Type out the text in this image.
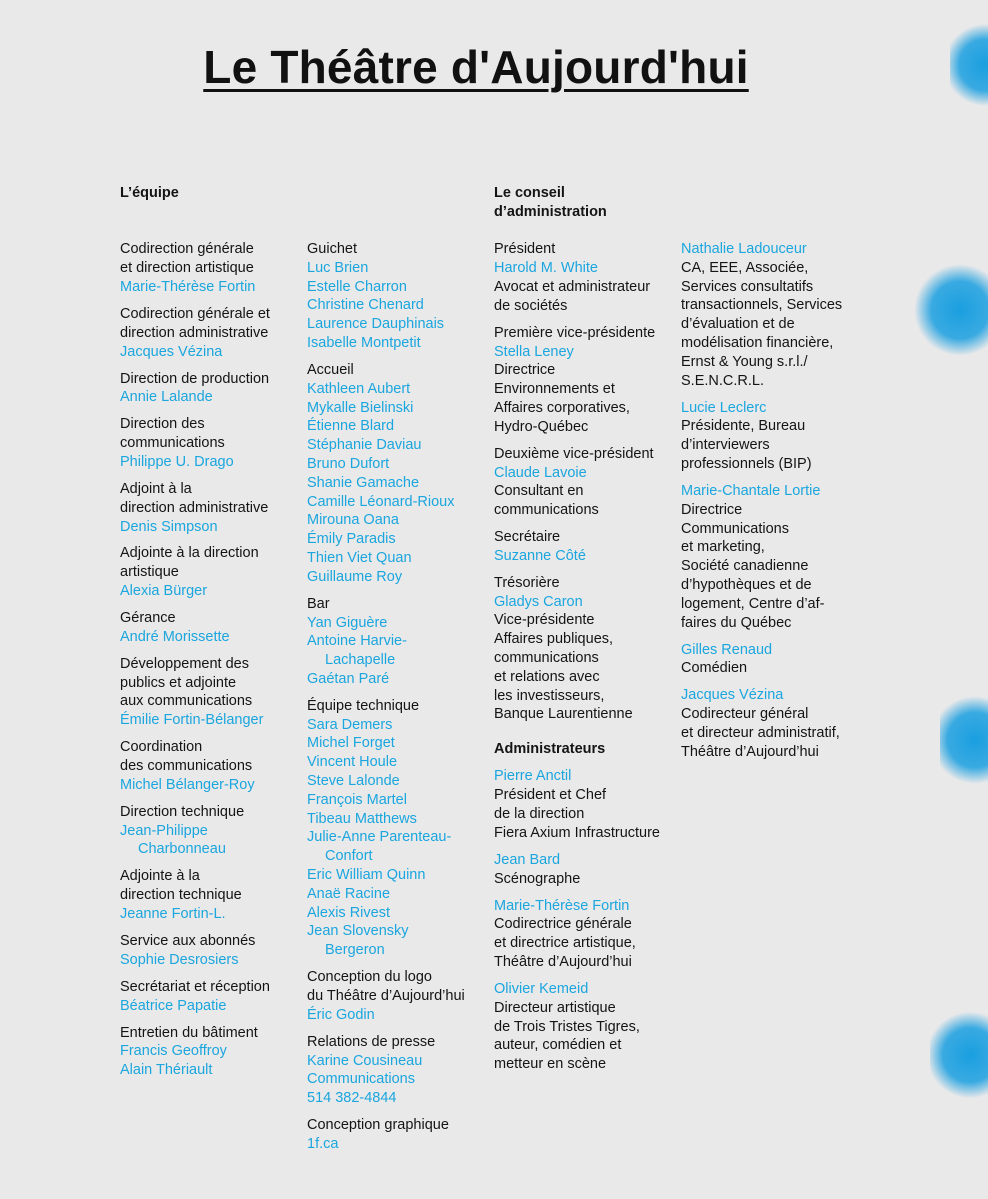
Le Théâtre d'Aujourd'hui
L’équipe
Codirection générale
et direction artistique
Marie-Thérèse Fortin
Codirection générale et
direction administrative
Jacques Vézina
Direction de production
Annie Lalande
Direction des
communications
Philippe U. Drago
Adjoint à la
direction administrative
Denis Simpson
Adjointe à la direction
artistique
Alexia Bürger
Gérance
André Morissette
Développement des
publics et adjointe
aux communications
Émilie Fortin-Bélanger
Coordination
des communications
Michel Bélanger-Roy
Direction technique
Jean-Philippe
Charbonneau
Adjointe à la
direction technique
Jeanne Fortin-L.
Service aux abonnés
Sophie Desrosiers
Secrétariat et réception
Béatrice Papatie
Entretien du bâtiment
Francis Geoffroy
Alain Thériault
Guichet
Luc Brien
Estelle Charron
Christine Chenard
Laurence Dauphinais
Isabelle Montpetit
Accueil
Kathleen Aubert
Mykalle Bielinski
Étienne Blard
Stéphanie Daviau
Bruno Dufort
Shanie Gamache
Camille Léonard-Rioux
Mirouna Oana
Émily Paradis
Thien Viet Quan
Guillaume Roy
Bar
Yan Giguère
Antoine Harvie-
Lachapelle
Gaétan Paré
Équipe technique
Sara Demers
Michel Forget
Vincent Houle
Steve Lalonde
François Martel
Tibeau Matthews
Julie-Anne Parenteau-
Confort
Eric William Quinn
Anaë Racine
Alexis Rivest
Jean Slovensky
Bergeron
Conception du logo
du Théâtre d’Aujourd’hui
Éric Godin
Relations de presse
Karine Cousineau
Communications
514 382-4844
Conception graphique
1f.ca
Le conseil
d’administration
Président
Harold M. White
Avocat et administrateur
de sociétés
Première vice-présidente
Stella Leney
Directrice
Environnements et
Affaires corporatives,
Hydro-Québec
Deuxième vice-président
Claude Lavoie
Consultant en
communications
Secrétaire
Suzanne Côté
Trésorière
Gladys Caron
Vice-présidente
Affaires publiques,
communications
et relations avec
les investisseurs,
Banque Laurentienne
Administrateurs
Pierre Anctil
Président et Chef
de la direction
Fiera Axium Infrastructure
Jean Bard
Scénographe
Marie-Thérèse Fortin
Codirectrice générale
et directrice artistique,
Théâtre d’Aujourd’hui
Olivier Kemeid
Directeur artistique
de Trois Tristes Tigres,
auteur, comédien et
metteur en scène
Nathalie Ladouceur
CA, EEE, Associée,
Services consultatifs
transactionnels, Services
d’évaluation et de
modélisation financière,
Ernst & Young s.r.l./
S.E.N.C.R.L.
Lucie Leclerc
Présidente, Bureau
d’interviewers
professionnels (BIP)
Marie-Chantale Lortie
Directrice
Communications
et marketing,
Société canadienne
d’hypothèques et de
logement, Centre d’af-
faires du Québec
Gilles Renaud
Comédien
Jacques Vézina
Codirecteur général
et directeur administratif,
Théâtre d’Aujourd’hui
